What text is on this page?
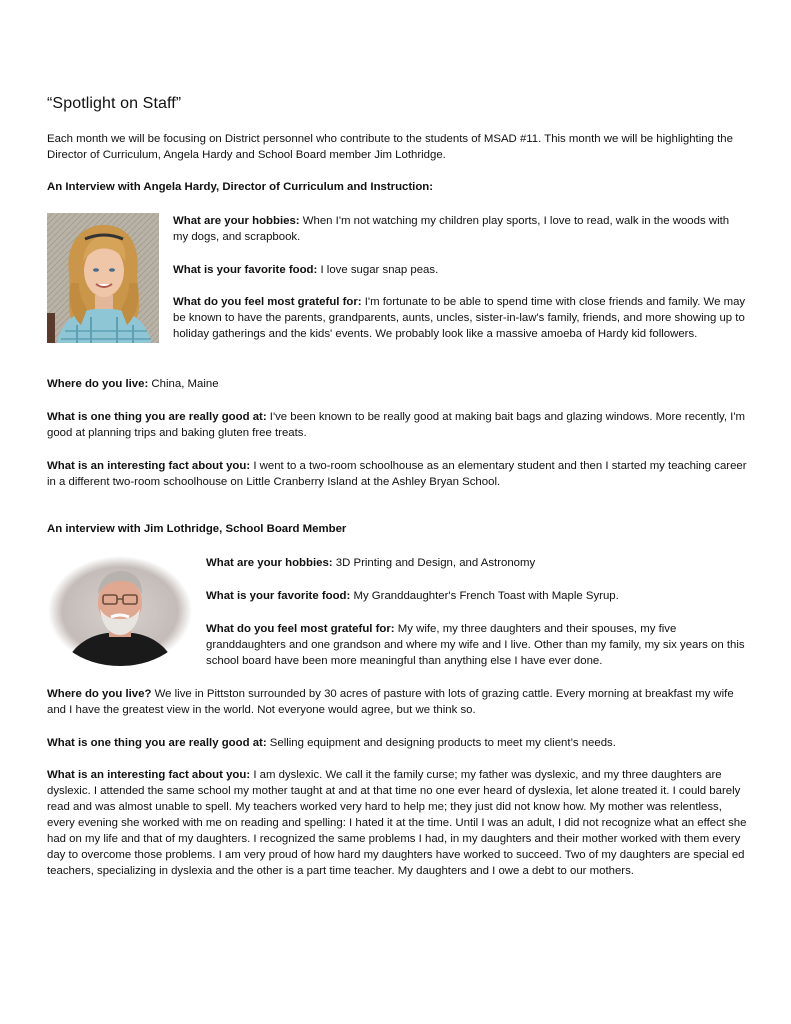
“Spotlight on Staff”
Each month we will be focusing on District personnel who contribute to the students of MSAD #11. This month we will be highlighting the Director of Curriculum, Angela Hardy and School Board member Jim Lothridge.
An Interview with Angela Hardy, Director of Curriculum and Instruction:
What are your hobbies: When I'm not watching my children play sports, I love to read, walk in the woods with my dogs, and scrapbook.
What is your favorite food: I love sugar snap peas.
What do you feel most grateful for: I'm fortunate to be able to spend time with close friends and family. We may be known to have the parents, grandparents, aunts, uncles, sister-in-law's family, friends, and more showing up to holiday gatherings and the kids' events. We probably look like a massive amoeba of Hardy kid followers.
Where do you live: China, Maine
What is one thing you are really good at: I've been known to be really good at making bait bags and glazing windows. More recently, I'm good at planning trips and baking gluten free treats.
What is an interesting fact about you: I went to a two-room schoolhouse as an elementary student and then I started my teaching career in a different two-room schoolhouse on Little Cranberry Island at the Ashley Bryan School.
An interview with Jim Lothridge, School Board Member
What are your hobbies: 3D Printing and Design, and Astronomy
What is your favorite food: My Granddaughter's French Toast with Maple Syrup.
What do you feel most grateful for: My wife, my three daughters and their spouses, my five granddaughters and one grandson and where my wife and I live. Other than my family, my six years on this school board have been more meaningful than anything else I have ever done.
Where do you live? We live in Pittston surrounded by 30 acres of pasture with lots of grazing cattle. Every morning at breakfast my wife and I have the greatest view in the world. Not everyone would agree, but we think so.
What is one thing you are really good at: Selling equipment and designing products to meet my client’s needs.
What is an interesting fact about you: I am dyslexic. We call it the family curse; my father was dyslexic, and my three daughters are dyslexic. I attended the same school my mother taught at and at that time no one ever heard of dyslexia, let alone treated it. I could barely read and was almost unable to spell. My teachers worked very hard to help me; they just did not know how. My mother was relentless, every evening she worked with me on reading and spelling: I hated it at the time. Until I was an adult, I did not recognize what an effect she had on my life and that of my daughters. I recognized the same problems I had, in my daughters and their mother worked with them every day to overcome those problems. I am very proud of how hard my daughters have worked to succeed. Two of my daughters are special ed teachers, specializing in dyslexia and the other is a part time teacher. My daughters and I owe a debt to our mothers.
